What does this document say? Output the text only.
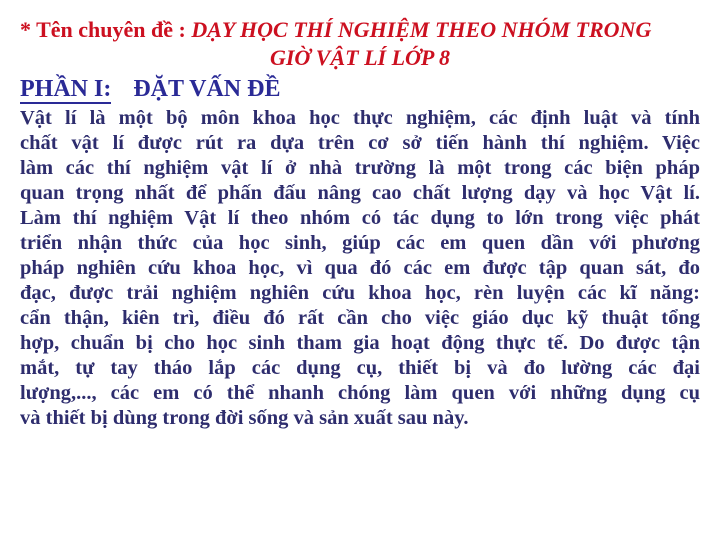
* Tên chuyên đề : DẠY HỌC THÍ NGHIỆM THEO NHÓM TRONG
GIỜ VẬT LÍ LỚP 8
PHẦN I: ĐẶT VẤN ĐỀ
Vật lí là một bộ môn khoa học thực nghiệm, các định luật và tính
chất vật lí được rút ra dựa trên cơ sở tiến hành thí nghiệm. Việc
làm các thí nghiệm vật lí ở nhà trường là một trong các biện pháp
quan trọng nhất để phấn đấu nâng cao chất lượng dạy và học Vật lí.
Làm thí nghiệm Vật lí theo nhóm có tác dụng to lớn trong việc phát
triển nhận thức của học sinh, giúp các em quen dần với phương
pháp nghiên cứu khoa học, vì qua đó các em được tập quan sát, đo
đạc, được trải nghiệm nghiên cứu khoa học, rèn luyện các kĩ năng:
cẩn thận, kiên trì, điều đó rất cần cho việc giáo dục kỹ thuật tổng
hợp, chuẩn bị cho học sinh tham gia hoạt động thực tế. Do được tận
mắt, tự tay tháo lắp các dụng cụ, thiết bị và đo lường các đại
lượng,..., các em có thể nhanh chóng làm quen với những dụng cụ
và thiết bị dùng trong đời sống và sản xuất sau này.
